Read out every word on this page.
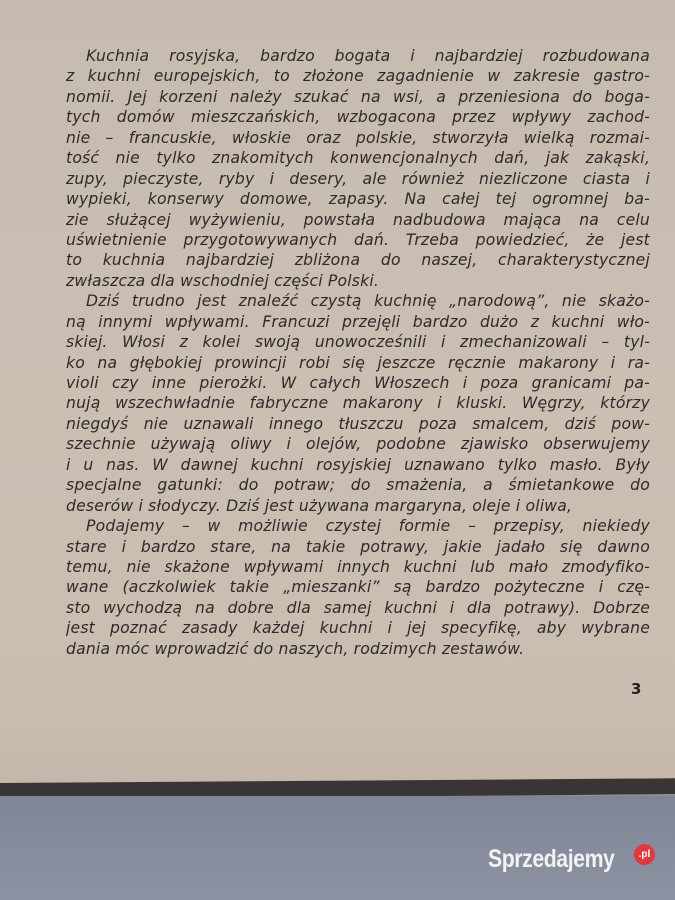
Kuchnia rosyjska, bardzo bogata i najbardziej rozbudowana
z kuchni europejskich, to złożone zagadnienie w zakresie gastro-
nomii. Jej korzeni należy szukać na wsi, a przeniesiona do boga-
tych domów mieszczańskich, wzbogacona przez wpływy zachod-
nie – francuskie, włoskie oraz polskie, stworzyła wielką rozmai-
tość nie tylko znakomitych konwencjonalnych dań, jak zakąski,
zupy, pieczyste, ryby i desery, ale również niezliczone ciasta i
wypieki, konserwy domowe, zapasy. Na całej tej ogromnej ba-
zie służącej wyżywieniu, powstała nadbudowa mająca na celu
uświetnienie przygotowywanych dań. Trzeba powiedzieć, że jest
to kuchnia najbardziej zbliżona do naszej, charakterystycznej
zwłaszcza dla wschodniej części Polski.
Dziś trudno jest znaleźć czystą kuchnię „narodową”, nie skażo-
ną innymi wpływami. Francuzi przejęli bardzo dużo z kuchni wło-
skiej. Włosi z kolei swoją unowocześnili i zmechanizowali – tyl-
ko na głębokiej prowincji robi się jeszcze ręcznie makarony i ra-
violi czy inne pierożki. W całych Włoszech i poza granicami pa-
nują wszechwładnie fabryczne makarony i kluski. Węgrzy, którzy
niegdyś nie uznawali innego tłuszczu poza smalcem, dziś pow-
szechnie używają oliwy i olejów, podobne zjawisko obserwujemy
i u nas. W dawnej kuchni rosyjskiej uznawano tylko masło. Były
specjalne gatunki: do potraw; do smażenia, a śmietankowe do
deserów i słodyczy. Dziś jest używana margaryna, oleje i oliwa,
Podajemy – w możliwie czystej formie – przepisy, niekiedy
stare i bardzo stare, na takie potrawy, jakie jadało się dawno
temu, nie skażone wpływami innych kuchni lub mało zmodyfiko-
wane (aczkolwiek takie „mieszanki” są bardzo pożyteczne i czę-
sto wychodzą na dobre dla samej kuchni i dla potrawy). Dobrze
jest poznać zasady każdej kuchni i jej specyfikę, aby wybrane
dania móc wprowadzić do naszych, rodzimych zestawów.
3
Sprzedajemy	.pl
